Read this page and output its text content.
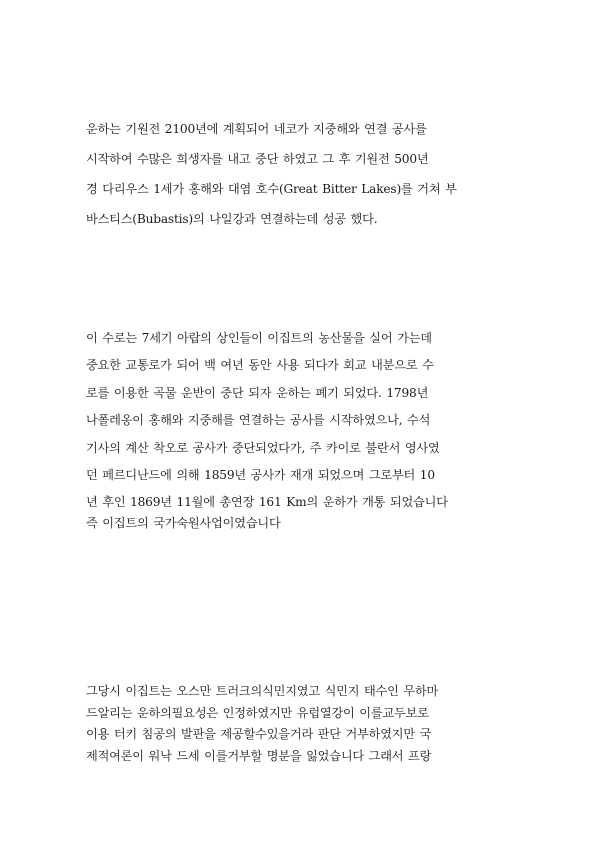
운하는 기원전 2100년에 계획되어 네코가 지중해와 연결 공사를
시작하여 수많은 희생자를 내고 중단 하였고 그 후 기원전 500년
경 다리우스 1세가 홍해와 대염 호수(Great Bitter Lakes)를 거쳐 부
바스티스(Bubastis)의 나일강과 연결하는데 성공 했다.
이 수로는 7세기 아랍의 상인들이 이집트의 농산물을 실어 가는데
중요한 교통로가 되어 백 여년 동안 사용 되다가 회교 내분으로 수
로를 이용한 곡물 운반이 중단 되자 운하는 폐기 되었다. 1798년
나폴레옹이 홍해와 지중해를 연결하는 공사를 시작하였으나, 수석
기사의 계산 착오로 공사가 중단되었다가, 주 카이로 불란서 영사였
던 페르디난드에 의해 1859년 공사가 재개 되었으며 그로부터 10
년 후인 1869년 11월에 총연장 161 Km의 운하가 개통 되었습니다
즉 이집트의 국가숙원사업이였습니다
그당시 이집트는 오스만 트러크의식민지였고 식민지 태수인 무하마
드알리는 운하의필요성은 인정하였지만 유럽열강이 이를교두보로
이용 터키 침공의 발판을 제공할수있을거라 판단 거부하였지만 국
제적여론이 워낙 드세 이를거부할 명분을 잃었습니다 그래서 프랑
